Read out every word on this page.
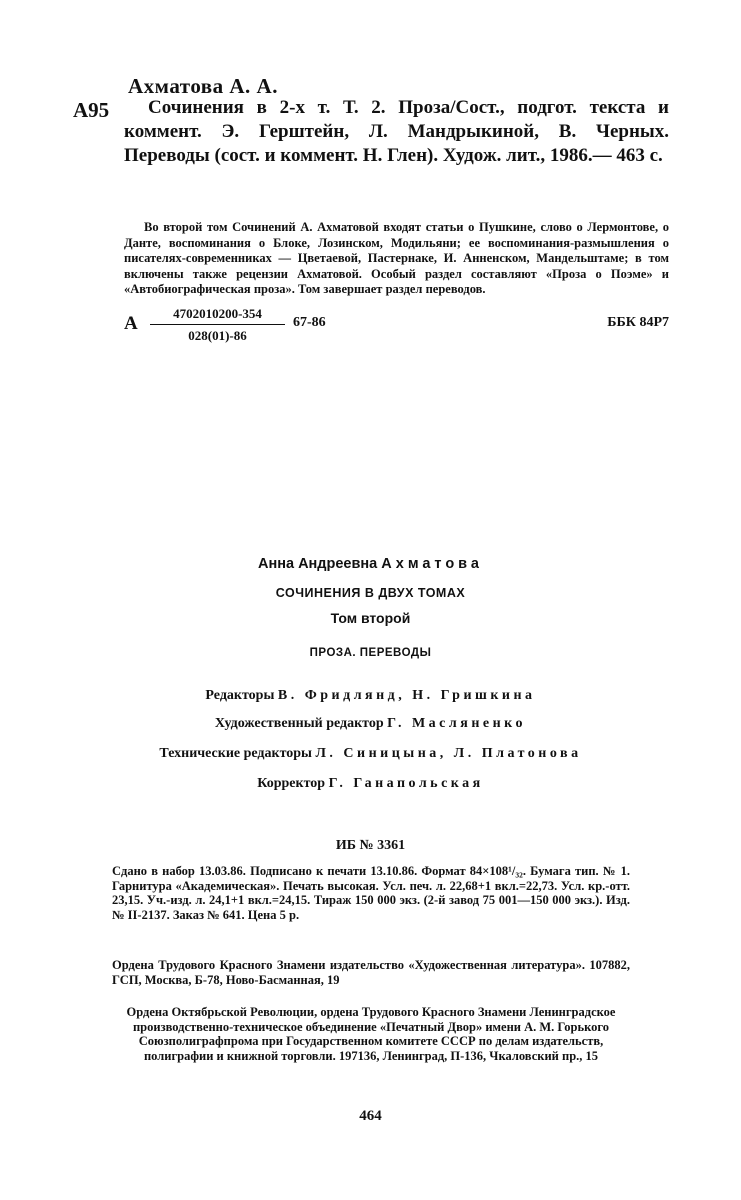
Ахматова А. А.
А95	Сочинения в 2-х т. Т. 2. Проза/Сост., подгот. текста и коммент. Э. Герштейн, Л. Мандрыкиной, В. Черных. Переводы (сост. и коммент. Н. Глен). Худож. лит., 1986.— 463 с.
Во второй том Сочинений А. Ахматовой входят статьи о Пушкине, слово о Лермонтове, о Данте, воспоминания о Блоке, Лозинском, Модильяни; ее воспоминания-размышления о писателях-современниках — Цветаевой, Пастернаке, И. Анненском, Мандельштаме; в том включены также рецензии Ахматовой. Особый раздел составляют «Проза о Поэме» и «Автобиографическая проза». Том завершает раздел переводов.
А $\frac{4702010200-354}{028(01)-86} 67-86$	ББК 84Р7
Анна Андреевна Ахматова
СОЧИНЕНИЯ В ДВУХ ТОМАХ
Том второй
ПРОЗА. ПЕРЕВОДЫ
Редакторы В. Фридлянд, Н. Гришкина
Художественный редактор Г. Масляненко
Технические редакторы Л. Синицына, Л. Платонова
Корректор Г. Ганапольская
ИБ № 3361
Сдано в набор 13.03.86. Подписано к печати 13.10.86. Формат 84×108¹/₃₂. Бумага тип. № 1. Гарнитура «Академическая». Печать высокая. Усл. печ. л. 22,68+1 вкл.=22,73. Усл. кр.-отт. 23,15. Уч.-изд. л. 24,1+1 вкл.=24,15. Тираж 150 000 экз. (2-й завод 75 001—150 000 экз.). Изд. № II-2137. Заказ № 641. Цена 5 р.
Ордена Трудового Красного Знамени издательство «Художественная литература». 107882, ГСП, Москва, Б-78, Ново-Басманная, 19
Ордена Октябрьской Революции, ордена Трудового Красного Знамени Ленинградское производственно-техническое объединение «Печатный Двор» имени А. М. Горького Союзполиграфпрома при Государственном комитете СССР по делам издательств, полиграфии и книжной торговли. 197136, Ленинград, П-136, Чкаловский пр., 15
464
